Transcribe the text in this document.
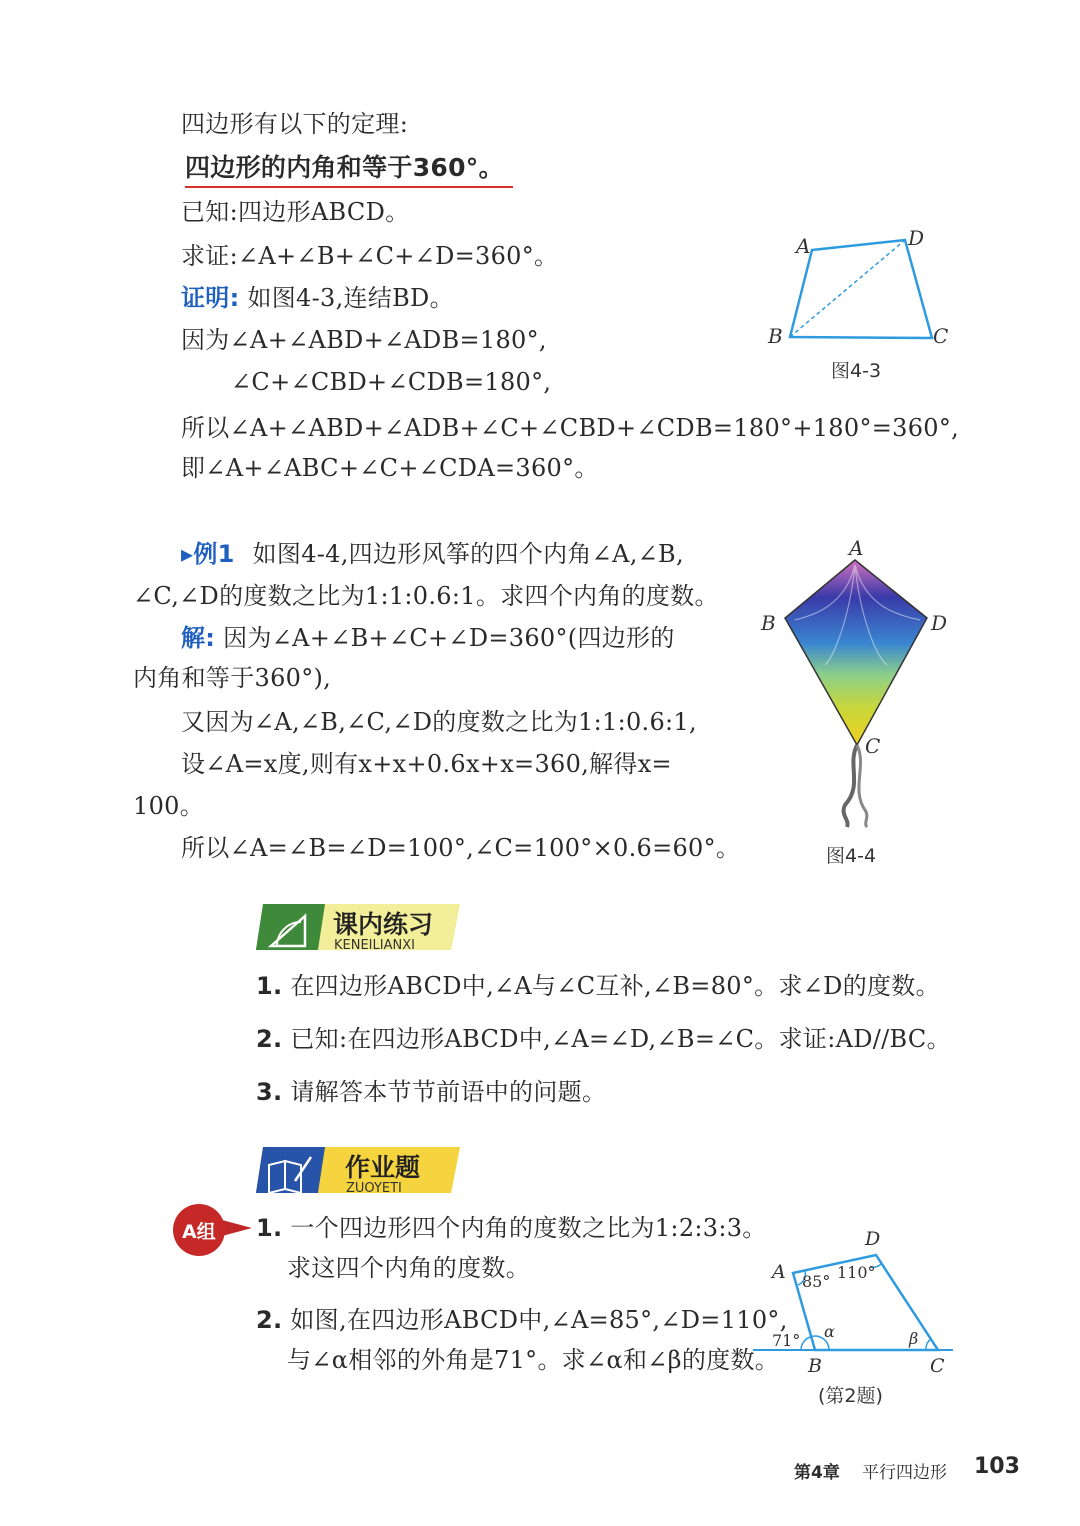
四边形有以下的定理:
四边形的内角和等于360°。
已知:四边形ABCD。
求证:∠A+∠B+∠C+∠D=360°。
证明: 如图4-3,连结BD。
因为∠A+∠ABD+∠ADB=180°,
∠C+∠CBD+∠CDB=180°,
所以∠A+∠ABD+∠ADB+∠C+∠CBD+∠CDB=180°+180°=360°,
即∠A+∠ABC+∠C+∠CDA=360°。
A	D
B	C
图4-3
▸例1 如图4-4,四边形风筝的四个内角∠A,∠B,
∠C,∠D的度数之比为1:1:0.6:1。求四个内角的度数。
解: 因为∠A+∠B+∠C+∠D=360°(四边形的
内角和等于360°),
又因为∠A,∠B,∠C,∠D的度数之比为1:1:0.6:1,
设∠A=x度,则有x+x+0.6x+x=360,解得x=
100。
所以∠A=∠B=∠D=100°,∠C=100°×0.6=60°。
A
B	D
C
图4-4
课内练习
KENEILIANXI
1. 在四边形ABCD中,∠A与∠C互补,∠B=80°。求∠D的度数。
2. 已知:在四边形ABCD中,∠A=∠D,∠B=∠C。求证:AD//BC。
3. 请解答本节节前语中的问题。
作业题
ZUOYETI
A组 1. 一个四边形四个内角的度数之比为1:2:3:3。
求这四个内角的度数。
2. 如图,在四边形ABCD中,∠A=85°,∠D=110°,
与∠α相邻的外角是71°。求∠α和∠β的度数。
A
D
B	C
85° 110°
71° α	β
(第2题)
第4章 平行四边形 103
